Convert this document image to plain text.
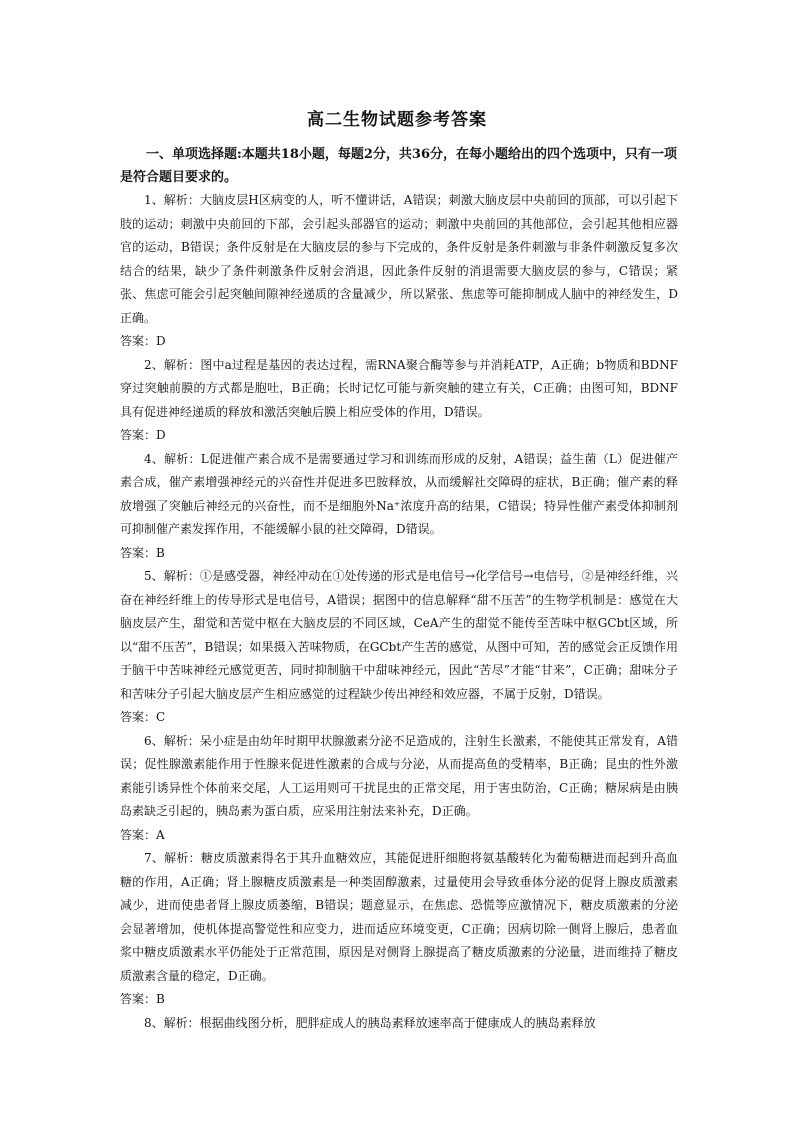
高二生物试题参考答案
一、单项选择题:本题共18小题，每题2分，共36分，在每小题给出的四个选项中，只有一项是符合题目要求的。

1、解析：大脑皮层H区病变的人，听不懂讲话，A错误；刺激大脑皮层中央前回的顶部，可以引起下肢的运动；刺激中央前回的下部，会引起头部器官的运动；刺激中央前回的其他部位，会引起其他相应器官的运动，B错误；条件反射是在大脑皮层的参与下完成的，条件反射是条件刺激与非条件刺激反复多次结合的结果，缺少了条件刺激条件反射会消退，因此条件反射的消退需要大脑皮层的参与，C错误；紧张、焦虑可能会引起突触间隙神经递质的含量减少，所以紧张、焦虑等可能抑制成人脑中的神经发生，D正确。

答案：D

2、解析：图中a过程是基因的表达过程，需RNA聚合酶等参与并消耗ATP，A正确；b物质和BDNF穿过突触前膜的方式都是胞吐，B正确；长时记忆可能与新突触的建立有关，C正确；由图可知，BDNF具有促进神经递质的释放和激活突触后膜上相应受体的作用，D错误。

答案：D

4、解析：L促进催产素合成不是需要通过学习和训练而形成的反射，A错误；益生菌（L）促进催产素合成，催产素增强神经元的兴奋性并促进多巴胺释放，从而缓解社交障碍的症状，B正确；催产素的释放增强了突触后神经元的兴奋性，而不是细胞外Na⁺浓度升高的结果，C错误；特异性催产素受体抑制剂可抑制催产素发挥作用，不能缓解小鼠的社交障碍，D错误。

答案：B

5、解析：①是感受器，神经冲动在①处传递的形式是电信号→化学信号→电信号，②是神经纤维，兴奋在神经纤维上的传导形式是电信号，A错误；据图中的信息解释“甜不压苦”的生物学机制是：感觉在大脑皮层产生，甜觉和苦觉中枢在大脑皮层的不同区域，CeA产生的甜觉不能传至苦味中枢GCbt区域，所以“甜不压苦”，B错误；如果摄入苦味物质，在GCbt产生苦的感觉，从图中可知，苦的感觉会正反馈作用于脑干中苦味神经元感觉更苦，同时抑制脑干中甜味神经元，因此“苦尽”才能“甘来”，C正确；甜味分子和苦味分子引起大脑皮层产生相应感觉的过程缺少传出神经和效应器，不属于反射，D错误。

答案：C

6、解析：呆小症是由幼年时期甲状腺激素分泌不足造成的，注射生长激素，不能使其正常发育，A错误；促性腺激素能作用于性腺来促进性激素的合成与分泌，从而提高鱼的受精率，B正确；昆虫的性外激素能引诱异性个体前来交尾，人工运用则可干扰昆虫的正常交尾，用于害虫防治，C正确；糖尿病是由胰岛素缺乏引起的，胰岛素为蛋白质，应采用注射法来补充，D正确。

答案：A

7、解析：糖皮质激素得名于其升血糖效应，其能促进肝细胞将氨基酸转化为葡萄糖进而起到升高血糖的作用，A正确；肾上腺糖皮质激素是一种类固醇激素，过量使用会导致垂体分泌的促肾上腺皮质激素减少，进而使患者肾上腺皮质萎缩，B错误；题意显示，在焦虑、恐慌等应激情况下，糖皮质激素的分泌会显著增加，使机体提高警觉性和应变力，进而适应环境变更，C正确；因病切除一侧肾上腺后，患者血浆中糖皮质激素水平仍能处于正常范围，原因是对侧肾上腺提高了糖皮质激素的分泌量，进而维持了糖皮质激素含量的稳定，D正确。

答案：B

8、解析：根据曲线图分析，肥胖症成人的胰岛素释放速率高于健康成人的胰岛素释放
